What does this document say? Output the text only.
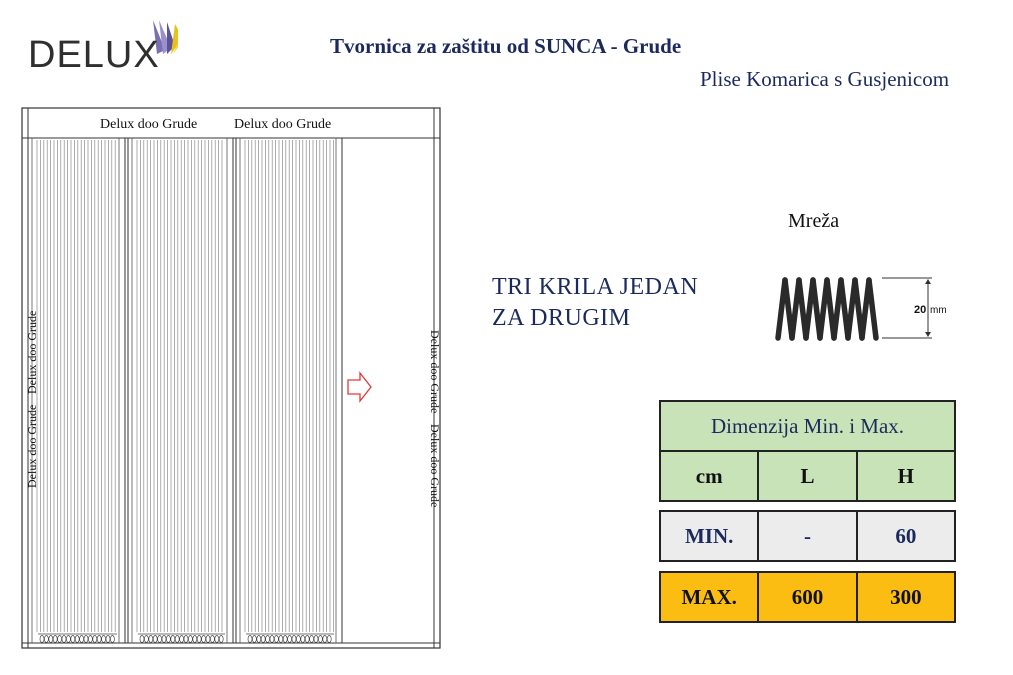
DELUX	Tvornica za zaštitu od SUNCA - Grude
Plise Komarica s Gusjenicom
Delux doo Grude	Delux doo Grude
Delux doo Grude
Delux doo Grude	Delux doo Grude
Delux doo Grude
Mreža
20 mm
TRI KRILA JEDAN
ZA DRUGIM
Dimenzija Min. i Max.
cm	L	H
MIN.	-	60
MAX.	600	300
